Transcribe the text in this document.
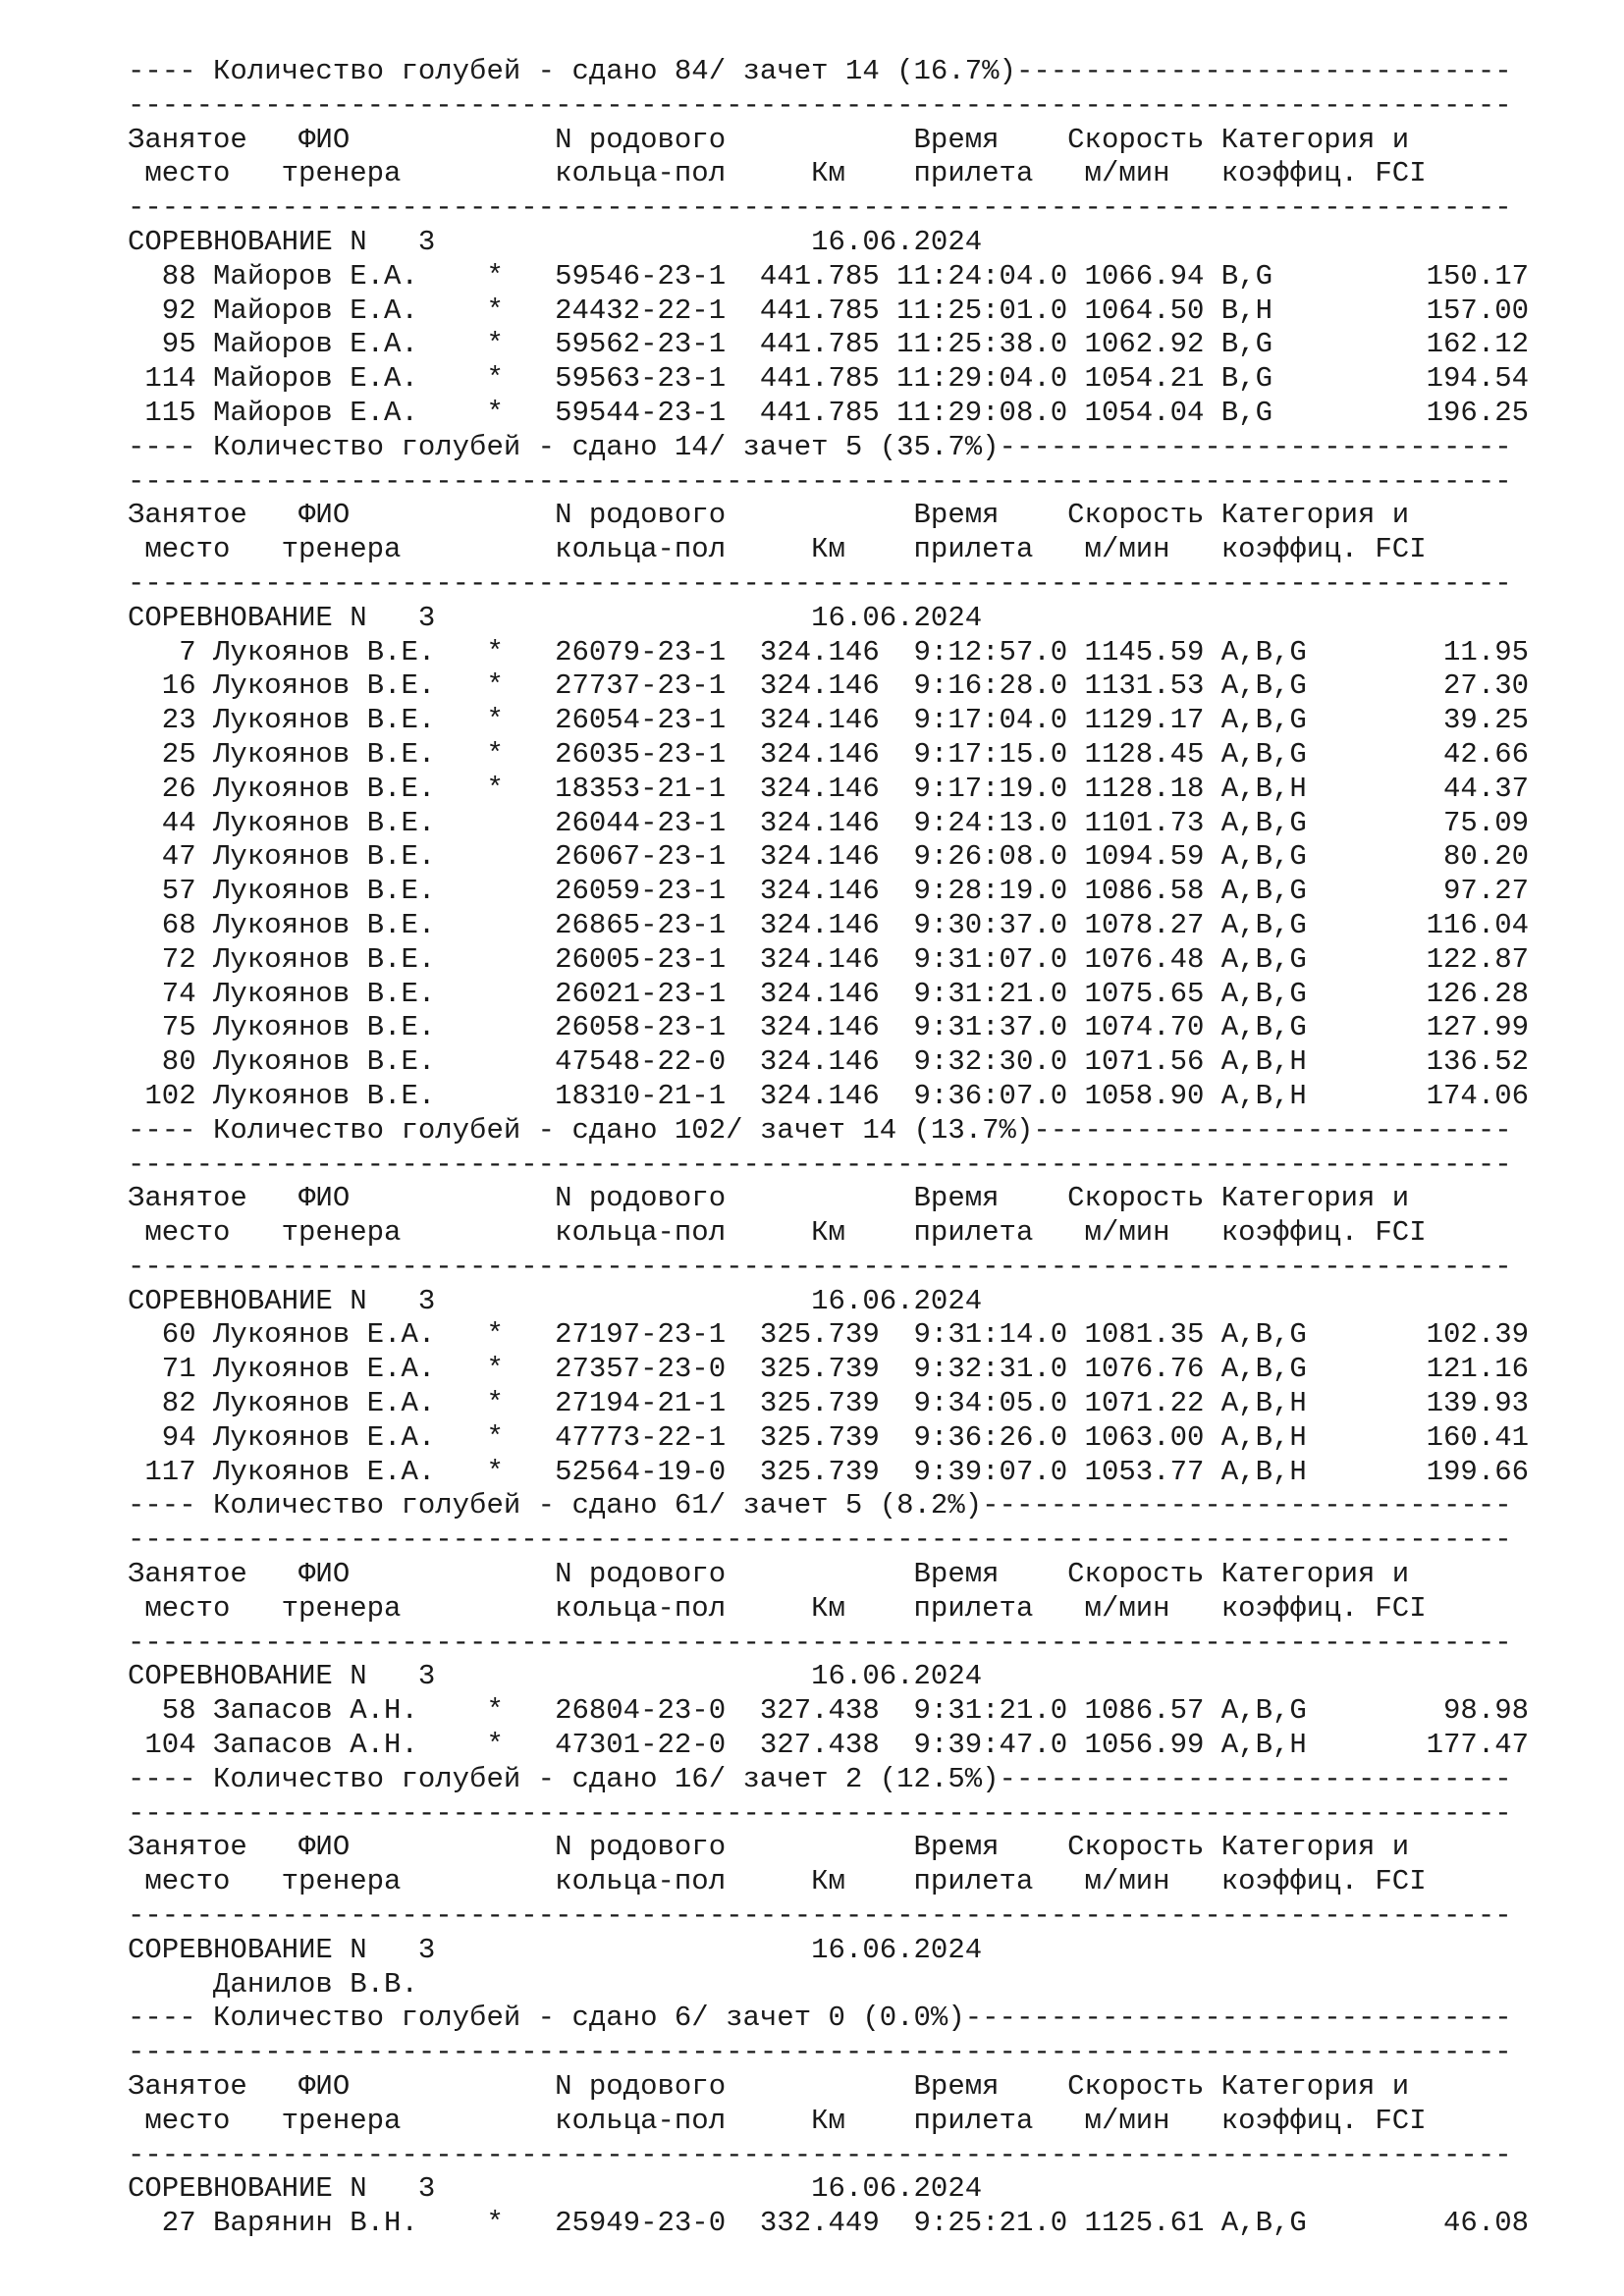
---- Количество голубей - сдано 84/ зачет 14 (16.7%)-----------------------------
---------------------------------------------------------------------------------
Занятое   ФИО            N родового           Время    Скорость Категория и
место   тренера         кольца-пол     Км    прилета   м/мин   коэффиц. FCI
---------------------------------------------------------------------------------
СОРЕВНОВАНИЕ N   3                      16.06.2024
88 Майоров Е.А.    *   59546-23-1  441.785 11:24:04.0 1066.94 B,G         150.17
92 Майоров Е.А.    *   24432-22-1  441.785 11:25:01.0 1064.50 B,H         157.00
95 Майоров Е.А.    *   59562-23-1  441.785 11:25:38.0 1062.92 B,G         162.12
114 Майоров Е.А.    *   59563-23-1  441.785 11:29:04.0 1054.21 B,G         194.54
115 Майоров Е.А.    *   59544-23-1  441.785 11:29:08.0 1054.04 B,G         196.25
---- Количество голубей - сдано 14/ зачет 5 (35.7%)------------------------------
---------------------------------------------------------------------------------
Занятое   ФИО            N родового           Время    Скорость Категория и
место   тренера         кольца-пол     Км    прилета   м/мин   коэффиц. FCI
---------------------------------------------------------------------------------
СОРЕВНОВАНИЕ N   3                      16.06.2024
7 Лукоянов В.Е.   *   26079-23-1  324.146  9:12:57.0 1145.59 A,B,G        11.95
16 Лукоянов В.Е.   *   27737-23-1  324.146  9:16:28.0 1131.53 A,B,G        27.30
23 Лукоянов В.Е.   *   26054-23-1  324.146  9:17:04.0 1129.17 A,B,G        39.25
25 Лукоянов В.Е.   *   26035-23-1  324.146  9:17:15.0 1128.45 A,B,G        42.66
26 Лукоянов В.Е.   *   18353-21-1  324.146  9:17:19.0 1128.18 A,B,H        44.37
44 Лукоянов В.Е.       26044-23-1  324.146  9:24:13.0 1101.73 A,B,G        75.09
47 Лукоянов В.Е.       26067-23-1  324.146  9:26:08.0 1094.59 A,B,G        80.20
57 Лукоянов В.Е.       26059-23-1  324.146  9:28:19.0 1086.58 A,B,G        97.27
68 Лукоянов В.Е.       26865-23-1  324.146  9:30:37.0 1078.27 A,B,G       116.04
72 Лукоянов В.Е.       26005-23-1  324.146  9:31:07.0 1076.48 A,B,G       122.87
74 Лукоянов В.Е.       26021-23-1  324.146  9:31:21.0 1075.65 A,B,G       126.28
75 Лукоянов В.Е.       26058-23-1  324.146  9:31:37.0 1074.70 A,B,G       127.99
80 Лукоянов В.Е.       47548-22-0  324.146  9:32:30.0 1071.56 A,B,H       136.52
102 Лукоянов В.Е.       18310-21-1  324.146  9:36:07.0 1058.90 A,B,H       174.06
---- Количество голубей - сдано 102/ зачет 14 (13.7%)----------------------------
---------------------------------------------------------------------------------
Занятое   ФИО            N родового           Время    Скорость Категория и
место   тренера         кольца-пол     Км    прилета   м/мин   коэффиц. FCI
---------------------------------------------------------------------------------
СОРЕВНОВАНИЕ N   3                      16.06.2024
60 Лукоянов Е.А.   *   27197-23-1  325.739  9:31:14.0 1081.35 A,B,G       102.39
71 Лукоянов Е.А.   *   27357-23-0  325.739  9:32:31.0 1076.76 A,B,G       121.16
82 Лукоянов Е.А.   *   27194-21-1  325.739  9:34:05.0 1071.22 A,B,H       139.93
94 Лукоянов Е.А.   *   47773-22-1  325.739  9:36:26.0 1063.00 A,B,H       160.41
117 Лукоянов Е.А.   *   52564-19-0  325.739  9:39:07.0 1053.77 A,B,H       199.66
---- Количество голубей - сдано 61/ зачет 5 (8.2%)-------------------------------
---------------------------------------------------------------------------------
Занятое   ФИО            N родового           Время    Скорость Категория и
место   тренера         кольца-пол     Км    прилета   м/мин   коэффиц. FCI
---------------------------------------------------------------------------------
СОРЕВНОВАНИЕ N   3                      16.06.2024
58 Запасов А.Н.    *   26804-23-0  327.438  9:31:21.0 1086.57 A,B,G        98.98
104 Запасов А.Н.    *   47301-22-0  327.438  9:39:47.0 1056.99 A,B,H       177.47
---- Количество голубей - сдано 16/ зачет 2 (12.5%)------------------------------
---------------------------------------------------------------------------------
Занятое   ФИО            N родового           Время    Скорость Категория и
место   тренера         кольца-пол     Км    прилета   м/мин   коэффиц. FCI
---------------------------------------------------------------------------------
СОРЕВНОВАНИЕ N   3                      16.06.2024
Данилов В.В.
---- Количество голубей - сдано 6/ зачет 0 (0.0%)--------------------------------
---------------------------------------------------------------------------------
Занятое   ФИО            N родового           Время    Скорость Категория и
место   тренера         кольца-пол     Км    прилета   м/мин   коэффиц. FCI
---------------------------------------------------------------------------------
СОРЕВНОВАНИЕ N   3                      16.06.2024
27 Варянин В.Н.    *   25949-23-0  332.449  9:25:21.0 1125.61 A,B,G        46.08
